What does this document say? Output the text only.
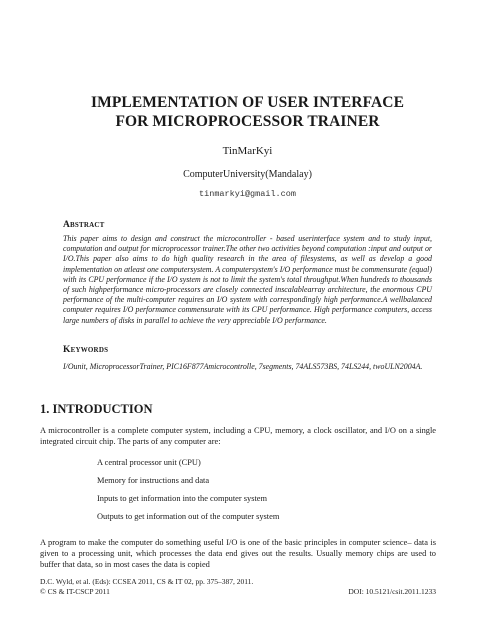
IMPLEMENTATION OF USER INTERFACE
FOR MICROPROCESSOR TRAINER
TinMarKyi
ComputerUniversity(Mandalay)
tinmarkyi@gmail.com
Abstract

This paper aims to design and construct the microcontroller - based userinterface system and to study input, computation and output for microprocessor trainer.The other two activities beyond computation :input and output or I/O.This paper also aims to do high quality research in the area of filesystems, as well as develop a good implementation on atleast one computersystem. A computersystem's I/O performance must be commensurate (equal) with its CPU performance if the I/O system is not to limit the system's total throughput.When hundreds to thousands of such highperformance micro-processors are closely connected inscalablearray architecture, the enormous CPU performance of the multi-computer requires an I/O system with correspondingly high performance.A wellbalanced computer requires I/O performance commensurate with its CPU performance. High performance computers, access large numbers of disks in parallel to achieve the very appreciable I/O performance.

Keywords

I/Ounit, MicroprocessorTrainer, PIC16F877Amicrocontrolle, 7segments, 74ALS573BS, 74LS244, twoULN2004A.

1. INTRODUCTION

A microcontroller is a complete computer system, including a CPU, memory, a clock oscillator, and I/O on a single integrated circuit chip. The parts of any computer are:

A central processor unit (CPU)
Memory for instructions and data
Inputs to get information into the computer system
Outputs to get information out of the computer system

A program to make the computer do something useful I/O is one of the basic principles in computer science– data is given to a processing unit, which processes the data end gives out the results. Usually memory chips are used to buffer that data, so in most cases the data is copied

D.C. Wyld, et al. (Eds): CCSEA 2011, CS & IT 02, pp. 375–387, 2011.
© CS & IT-CSCP 2011	DOI: 10.5121/csit.2011.1233
